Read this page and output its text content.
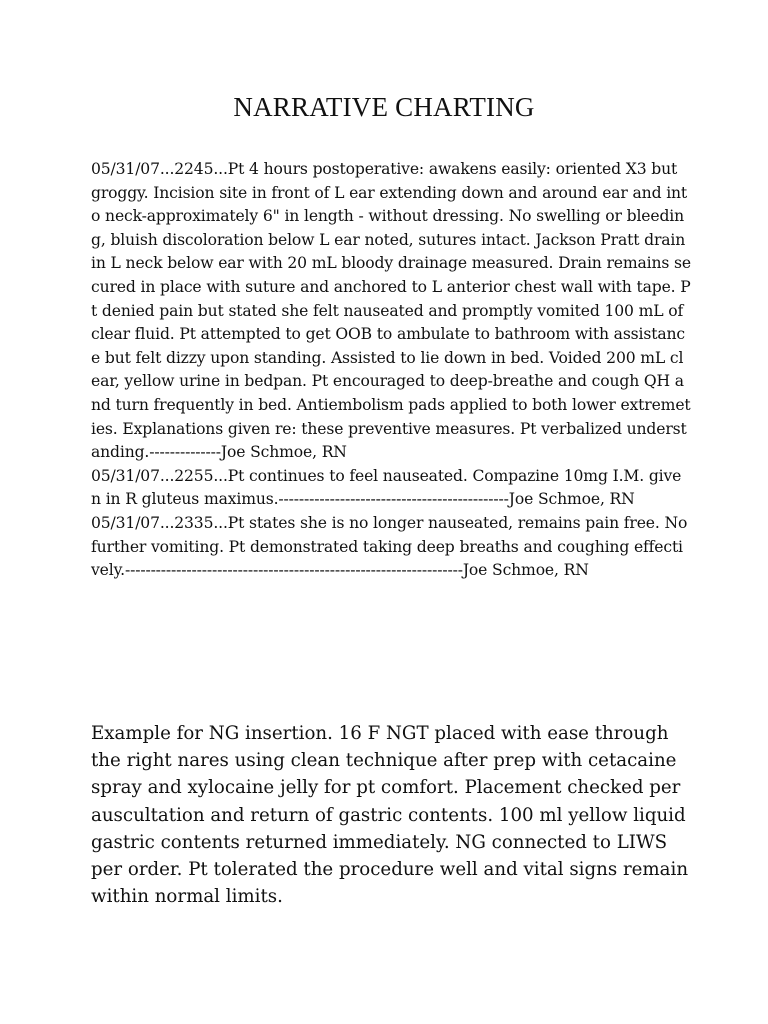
NARRATIVE CHARTING

05/31/07...2245...Pt 4 hours postoperative: awakens easily: oriented X3 but groggy. Incision site in front of L ear extending down and around ear and into neck-approximately 6" in length - without dressing. No swelling or bleeding, bluish discoloration below L ear noted, sutures intact. Jackson Pratt drain in L neck below ear with 20 mL bloody drainage measured. Drain remains secured in place with suture and anchored to L anterior chest wall with tape. Pt denied pain but stated she felt nauseated and promptly vomited 100 mL of clear fluid. Pt attempted to get OOB to ambulate to bathroom with assistance but felt dizzy upon standing. Assisted to lie down in bed. Voided 200 mL clear, yellow urine in bedpan. Pt encouraged to deep-breathe and cough QH and turn frequently in bed. Antiembolism pads applied to both lower extremeties. Explanations given re: these preventive measures. Pt verbalized understanding.--------------Joe Schmoe, RN

05/31/07...2255...Pt continues to feel nauseated. Compazine 10mg I.M. given in R gluteus maximus.---------------------------------------------Joe Schmoe, RN

05/31/07...2335...Pt states she is no longer nauseated, remains pain free. No further vomiting. Pt demonstrated taking deep breaths and coughing effectively.------------------------------------------------------------------Joe Schmoe, RN

Example for NG insertion. 16 F NGT placed with ease through the right nares using clean technique after prep with cetacaine spray and xylocaine jelly for pt comfort. Placement checked per auscultation and return of gastric contents. 100 ml yellow liquid gastric contents returned immediately. NG connected to LIWS per order. Pt tolerated the procedure well and vital signs remain within normal limits.
